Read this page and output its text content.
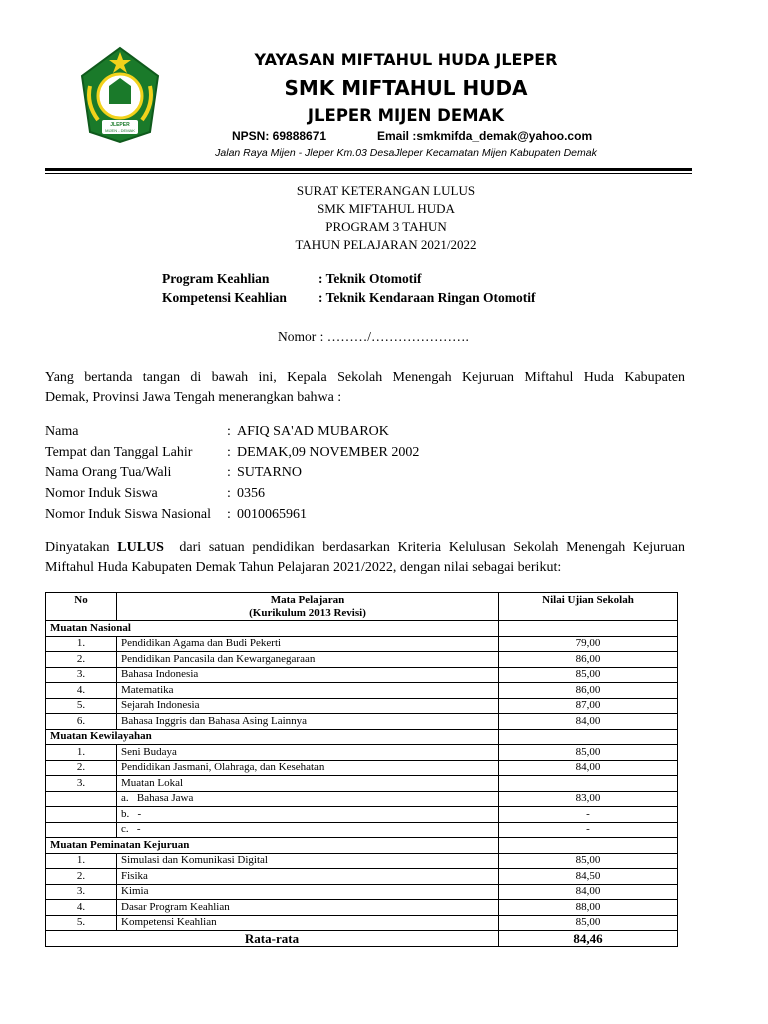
JLEPER
MIJEN - DEMAK
YAYASAN MIFTAHUL HUDA JLEPER
SMK MIFTAHUL HUDA
JLEPER MIJEN DEMAK
NPSN: 69888671	Email :smkmifda_demak@yahoo.com
Jalan Raya Mijen - Jleper Km.03 DesaJleper Kecamatan Mijen Kabupaten Demak
SURAT KETERANGAN LULUS
SMK MIFTAHUL HUDA
PROGRAM 3 TAHUN
TAHUN PELAJARAN 2021/2022
Program Keahlian	: Teknik Otomotif
Kompetensi Keahlian : Teknik Kendaraan Ringan Otomotif
Nomor : ………/………………….
Yang bertanda tangan di bawah ini, Kepala Sekolah Menengah Kejuruan Miftahul Huda Kabupaten
Demak, Provinsi Jawa Tengah menerangkan bahwa :
Nama	: AFIQ SA'AD MUBAROK
Tempat dan Tanggal Lahir : DEMAK,09 NOVEMBER 2002
Nama Orang Tua/Wali	: SUTARNO
Nomor Induk Siswa	: 0356
Nomor Induk Siswa Nasional : 0010065961
Dinyatakan LULUS  dari satuan pendidikan berdasarkan Kriteria Kelulusan Sekolah Menengah Kejuruan
Miftahul Huda Kabupaten Demak Tahun Pelajaran 2021/2022, dengan nilai sebagai berikut:
No	Mata Pelajaran
(Kurikulum 2013 Revisi)	Nilai Ujian Sekolah
Muatan Nasional		
1.	Pendidikan Agama dan Budi Pekerti	79,00
2.	Pendidikan Pancasila dan Kewarganegaraan	86,00
3.	Bahasa Indonesia	85,00
4.	Matematika	86,00
5.	Sejarah Indonesia	87,00
6.	Bahasa Inggris dan Bahasa Asing Lainnya	84,00
Muatan Kewilayahan		
1.	Seni Budaya	85,00
2.	Pendidikan Jasmani, Olahraga, dan Kesehatan	84,00
3.	Muatan Lokal	
	a.   Bahasa Jawa	83,00
	b.   -	-
	c.   -	-
Muatan Peminatan Kejuruan		
1.	Simulasi dan Komunikasi Digital	85,00
2.	Fisika	84,50
3.	Kimia	84,00
4.	Dasar Program Keahlian	88,00
5.	Kompetensi Keahlian	85,00
Rata-rata		84,46
